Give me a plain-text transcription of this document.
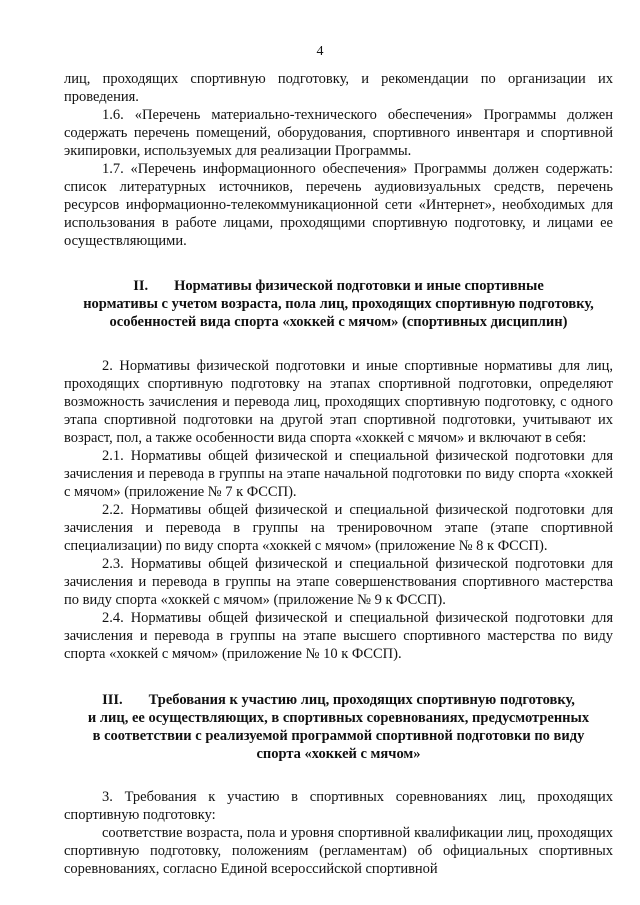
4

лиц, проходящих спортивную подготовку, и рекомендации по организации их проведения.

1.6. «Перечень материально-технического обеспечения» Программы должен содержать перечень помещений, оборудования, спортивного инвентаря и спортивной экипировки, используемых для реализации Программы.

1.7. «Перечень информационного обеспечения» Программы должен содержать: список литературных источников, перечень аудиовизуальных средств, перечень ресурсов информационно-телекоммуникационной сети «Интернет», необходимых для использования в работе лицами, проходящими спортивную подготовку, и лицами ее осуществляющими.

II. Нормативы физической подготовки и иные спортивные
нормативы с учетом возраста, пола лиц, проходящих спортивную подготовку,
особенностей вида спорта «хоккей с мячом» (спортивных дисциплин)

2. Нормативы физической подготовки и иные спортивные нормативы для лиц, проходящих спортивную подготовку на этапах спортивной подготовки, определяют возможность зачисления и перевода лиц, проходящих спортивную подготовку, с одного этапа спортивной подготовки на другой этап спортивной подготовки, учитывают их возраст, пол, а также особенности вида спорта «хоккей с мячом» и включают в себя:

2.1. Нормативы общей физической и специальной физической подготовки для зачисления и перевода в группы на этапе начальной подготовки по виду спорта «хоккей с мячом» (приложение № 7 к ФССП).

2.2. Нормативы общей физической и специальной физической подготовки для зачисления и перевода в группы на тренировочном этапе (этапе спортивной специализации) по виду спорта «хоккей с мячом» (приложение № 8 к ФССП).

2.3. Нормативы общей физической и специальной физической подготовки для зачисления и перевода в группы на этапе совершенствования спортивного мастерства по виду спорта «хоккей с мячом» (приложение № 9 к ФССП).

2.4. Нормативы общей физической и специальной физической подготовки для зачисления и перевода в группы на этапе высшего спортивного мастерства по виду спорта «хоккей с мячом» (приложение № 10 к ФССП).

III. Требования к участию лиц, проходящих спортивную подготовку,
и лиц, ее осуществляющих, в спортивных соревнованиях, предусмотренных
в соответствии с реализуемой программой спортивной подготовки по виду
спорта «хоккей с мячом»

3. Требования к участию в спортивных соревнованиях лиц, проходящих спортивную подготовку:

соответствие возраста, пола и уровня спортивной квалификации лиц, проходящих спортивную подготовку, положениям (регламентам) об официальных спортивных соревнованиях, согласно Единой всероссийской спортивной
